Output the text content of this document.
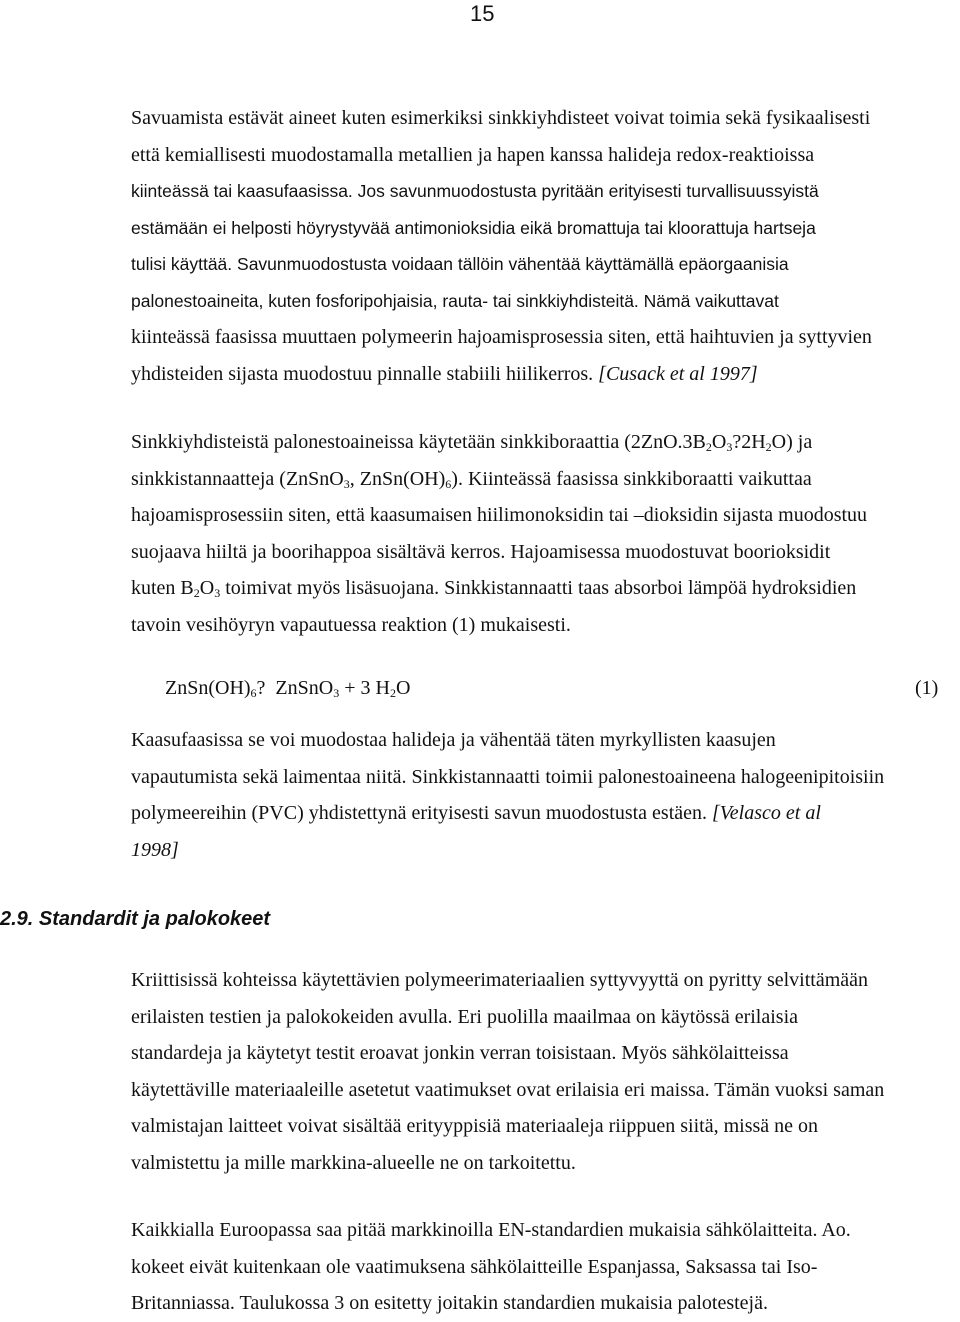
15
Savuamista estävät aineet kuten esimerkiksi sinkkiyhdisteet voivat toimia sekä fysikaalisesti
että kemiallisesti muodostamalla metallien ja hapen kanssa halideja redox-reaktioissa
kiinteässä tai kaasufaasissa. Jos savunmuodostusta pyritään erityisesti turvallisuussyistä
estämään ei helposti höyrystyvää antimonioksidia eikä bromattuja tai kloorattuja hartseja
tulisi käyttää. Savunmuodostusta voidaan tällöin vähentää käyttämällä epäorgaanisia
palonestoaineita, kuten fosforipohjaisia, rauta- tai sinkkiyhdisteitä. Nämä vaikuttavat
kiinteässä faasissa muuttaen polymeerin hajoamisprosessia siten, että haihtuvien ja syttyvien
yhdisteiden sijasta muodostuu pinnalle stabiili hiilikerros. [Cusack et al 1997]
Sinkkiyhdisteistä palonestoaineissa käytetään sinkkiboraattia $(2ZnO.3B_2O_3?2H_2O)$ ja
sinkkistannaatteja (ZnSnO$_3$, $ZnSn(OH)_6$). Kiinteässä faasissa sinkkiboraatti vaikuttaa
hajoamisprosessiin siten, että kaasumaisen hiilimonoksidin tai –dioksidin sijasta muodostuu
suojaava hiiltä ja boorihappoa sisältävä kerros. Hajoamisessa muodostuvat boorioksidit
kuten $B_2O_3$ toimivat myös lisäsuojana. Sinkkistannaatti taas absorboi lämpöä hydroksidien
tavoin vesihöyryn vapautuessa reaktion (1) mukaisesti.
$ZnSn(OH)_6$?  ZnSnO$_3$ + 3 $H_2O$	(1)
Kaasufaasissa se voi muodostaa halideja ja vähentää täten myrkyllisten kaasujen
vapautumista sekä laimentaa niitä. Sinkkistannaatti toimii palonestoaineena halogeenipitoisiin
polymeereihin (PVC) yhdistettynä erityisesti savun muodostusta estäen. [Velasco et al
1998]
2.9. Standardit ja palokokeet
Kriittisissä kohteissa käytettävien polymeerimateriaalien syttyvyyttä on pyritty selvittämään
erilaisten testien ja palokokeiden avulla. Eri puolilla maailmaa on käytössä erilaisia
standardeja ja käytetyt testit eroavat jonkin verran toisistaan. Myös sähkölaitteissa
käytettäville materiaaleille asetetut vaatimukset ovat erilaisia eri maissa. Tämän vuoksi saman
valmistajan laitteet voivat sisältää erityyppisiä materiaaleja riippuen siitä, missä ne on
valmistettu ja mille markkina-alueelle ne on tarkoitettu.
Kaikkialla Euroopassa saa pitää markkinoilla EN-standardien mukaisia sähkölaitteita. Ao.
kokeet eivät kuitenkaan ole vaatimuksena sähkölaitteille Espanjassa, Saksassa tai Iso-
Britanniassa. Taulukossa 3 on esitetty joitakin standardien mukaisia palotestejä.
